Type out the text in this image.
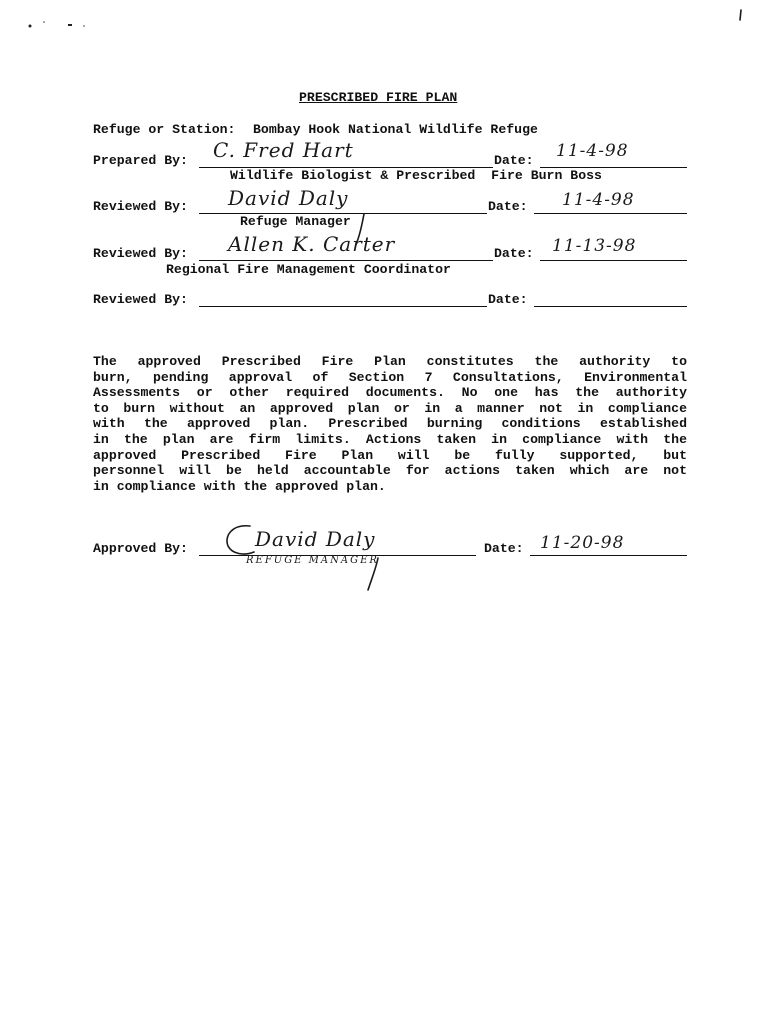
PRESCRIBED FIRE PLAN
Refuge or Station: Bombay Hook National Wildlife Refuge
Prepared By: C. Fred Hart	Date: 11-4-98
Wildlife Biologist & Prescribed  Fire Burn Boss
Reviewed By: David Daly	Date: 11-4-98
Refuge Manager
Reviewed By: Allen K. Carter	Date: 11-13-98
Regional Fire Management Coordinator
Reviewed By:	Date:
The approved Prescribed Fire Plan constitutes the authority to
burn, pending approval of Section 7 Consultations, Environmental
Assessments or other required documents. No one has the authority
to burn without an approved plan or in a manner not in compliance
with the approved plan. Prescribed burning conditions established
in the plan are firm limits. Actions taken in compliance with the
approved Prescribed Fire Plan will be fully supported, but
personnel will be held accountable for actions taken which are not
in compliance with the approved plan.
Approved By:	David Daly
REFUGE MANAGER
Date: 11-20-98
